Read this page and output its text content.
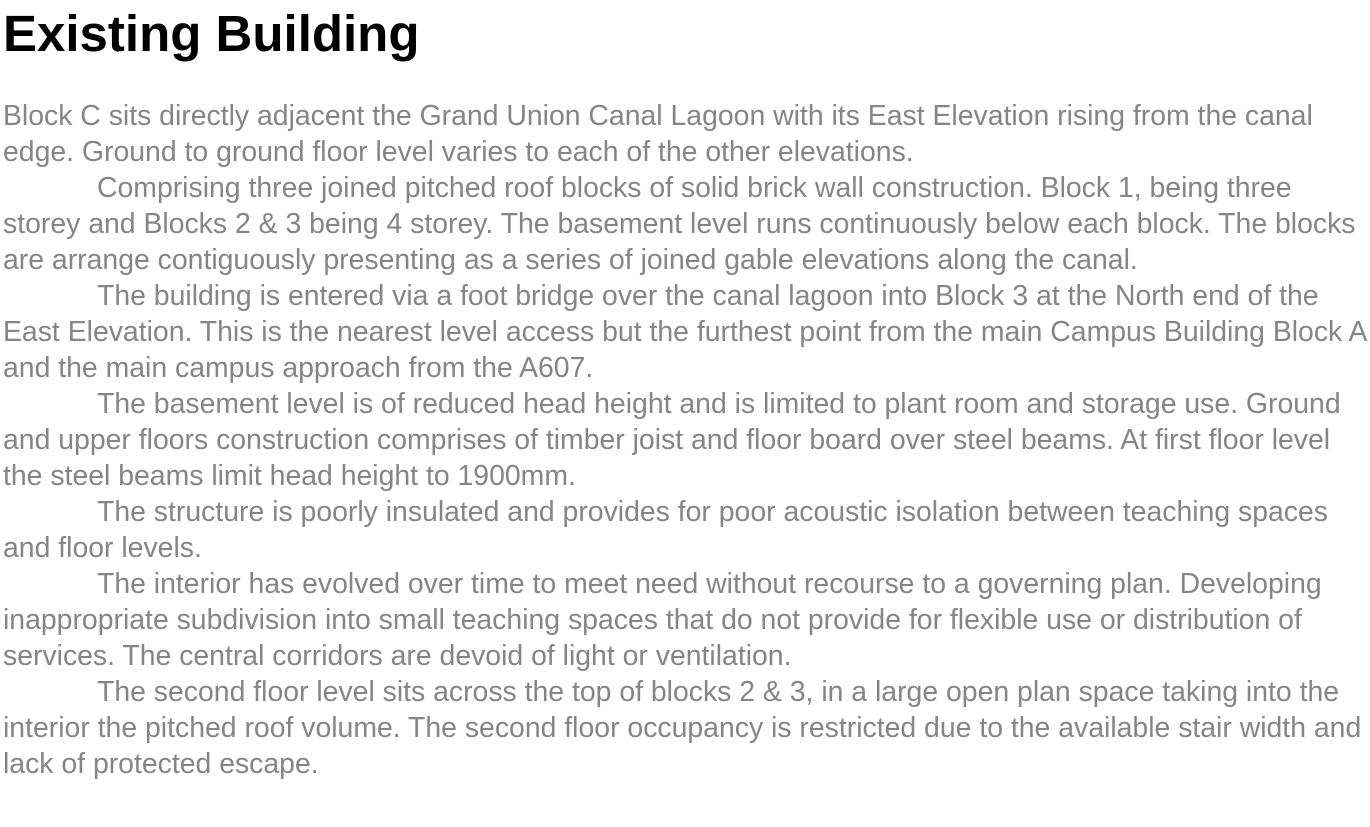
Existing Building

Block C sits directly adjacent the Grand Union Canal Lagoon with its East Elevation rising from the canal edge. Ground to ground floor level varies to each of the other elevations.

Comprising three joined pitched roof blocks of solid brick wall construction. Block 1, being three storey and Blocks 2 & 3 being 4 storey. The basement level runs continuously below each block. The blocks are arrange contiguously presenting as a series of joined gable elevations along the canal.

The building is entered via a foot bridge over the canal lagoon into Block 3 at the North end of the East Elevation. This is the nearest level access but the furthest point from the main Campus Building Block A and the main campus approach from the A607.

The basement level is of reduced head height and is limited to plant room and storage use. Ground and upper floors construction comprises of timber joist and floor board over steel beams. At first floor level the steel beams limit head height to 1900mm.

The structure is poorly insulated and provides for poor acoustic isolation between teaching spaces and floor levels.

The interior has evolved over time to meet need without recourse to a governing plan. Developing inappropriate subdivision into small teaching spaces that do not provide for flexible use or distribution of services. The central corridors are devoid of light or ventilation.

The second floor level sits across the top of blocks 2 & 3, in a large open plan space taking into the interior the pitched roof volume. The second floor occupancy is restricted due to the available stair width and lack of protected escape.
